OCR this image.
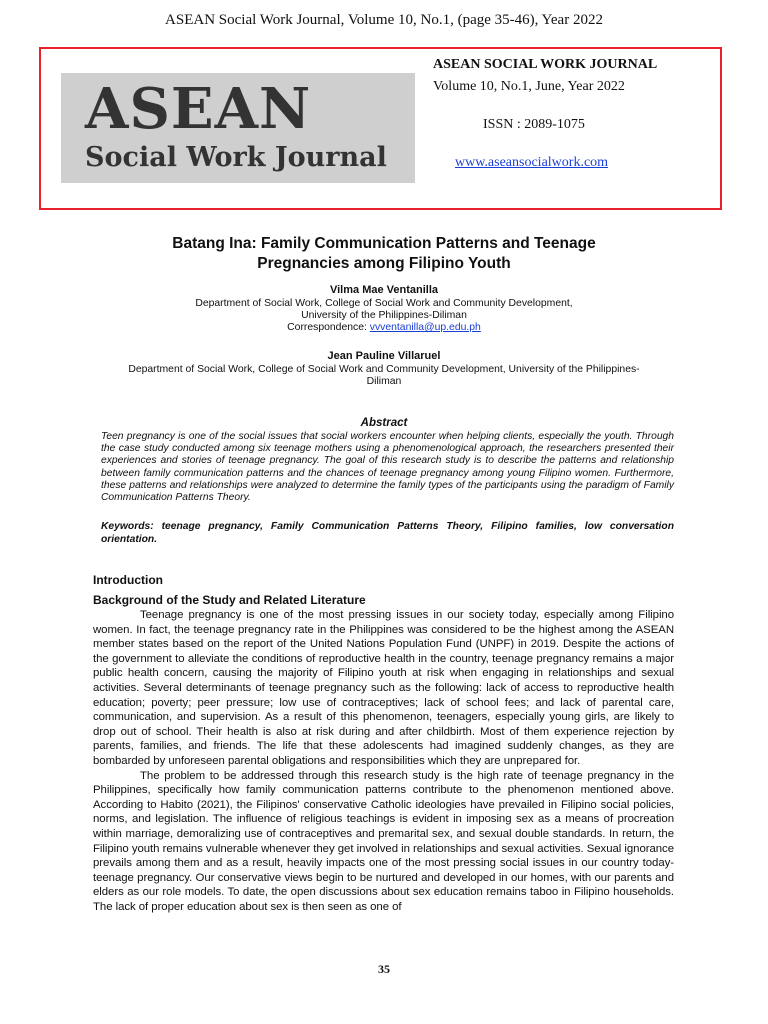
ASEAN Social Work Journal, Volume 10, No.1, (page 35-46), Year 2022
ASEAN
Social Work Journal
ASEAN SOCIAL WORK JOURNAL
Volume 10, No.1, June, Year 2022
ISSN : 2089-1075
www.aseansocialwork.com
Batang Ina: Family Communication Patterns and Teenage
Pregnancies among Filipino Youth
Vilma Mae Ventanilla
Department of Social Work, College of Social Work and Community Development,
University of the Philippines-Diliman
Correspondence: vvventanilla@up.edu.ph
Jean Pauline Villaruel
Department of Social Work, College of Social Work and Community Development, University of the Philippines-
Diliman
Abstract
Teen pregnancy is one of the social issues that social workers encounter when helping clients, especially the youth. Through the case study conducted among six teenage mothers using a phenomenological approach, the researchers presented their experiences and stories of teenage pregnancy. The goal of this research study is to describe the patterns and relationship between family communication patterns and the chances of teenage pregnancy among young Filipino women. Furthermore, these patterns and relationships were analyzed to determine the family types of the participants using the paradigm of Family Communication Patterns Theory.
Keywords: teenage pregnancy, Family Communication Patterns Theory, Filipino families, low conversation orientation.
Introduction
Background of the Study and Related Literature

Teenage pregnancy is one of the most pressing issues in our society today, especially among Filipino women. In fact, the teenage pregnancy rate in the Philippines was considered to be the highest among the ASEAN member states based on the report of the United Nations Population Fund (UNPF) in 2019. Despite the actions of the government to alleviate the conditions of reproductive health in the country, teenage pregnancy remains a major public health concern, causing the majority of Filipino youth at risk when engaging in relationships and sexual activities. Several determinants of teenage pregnancy such as the following: lack of access to reproductive health education; poverty; peer pressure; low use of contraceptives; lack of school fees; and lack of parental care, communication, and supervision. As a result of this phenomenon, teenagers, especially young girls, are likely to drop out of school. Their health is also at risk during and after childbirth. Most of them experience rejection by parents, families, and friends. The life that these adolescents had imagined suddenly changes, as they are bombarded by unforeseen parental obligations and responsibilities which they are unprepared for.

The problem to be addressed through this research study is the high rate of teenage pregnancy in the Philippines, specifically how family communication patterns contribute to the phenomenon mentioned above. According to Habito (2021), the Filipinos' conservative Catholic ideologies have prevailed in Filipino social policies, norms, and legislation. The influence of religious teachings is evident in imposing sex as a means of procreation within marriage, demoralizing use of contraceptives and premarital sex, and sexual double standards. In return, the Filipino youth remains vulnerable whenever they get involved in relationships and sexual activities. Sexual ignorance prevails among them and as a result, heavily impacts one of the most pressing social issues in our country today- teenage pregnancy. Our conservative views begin to be nurtured and developed in our homes, with our parents and elders as our role models. To date, the open discussions about sex education remains taboo in Filipino households. The lack of proper education about sex is then seen as one of

35
